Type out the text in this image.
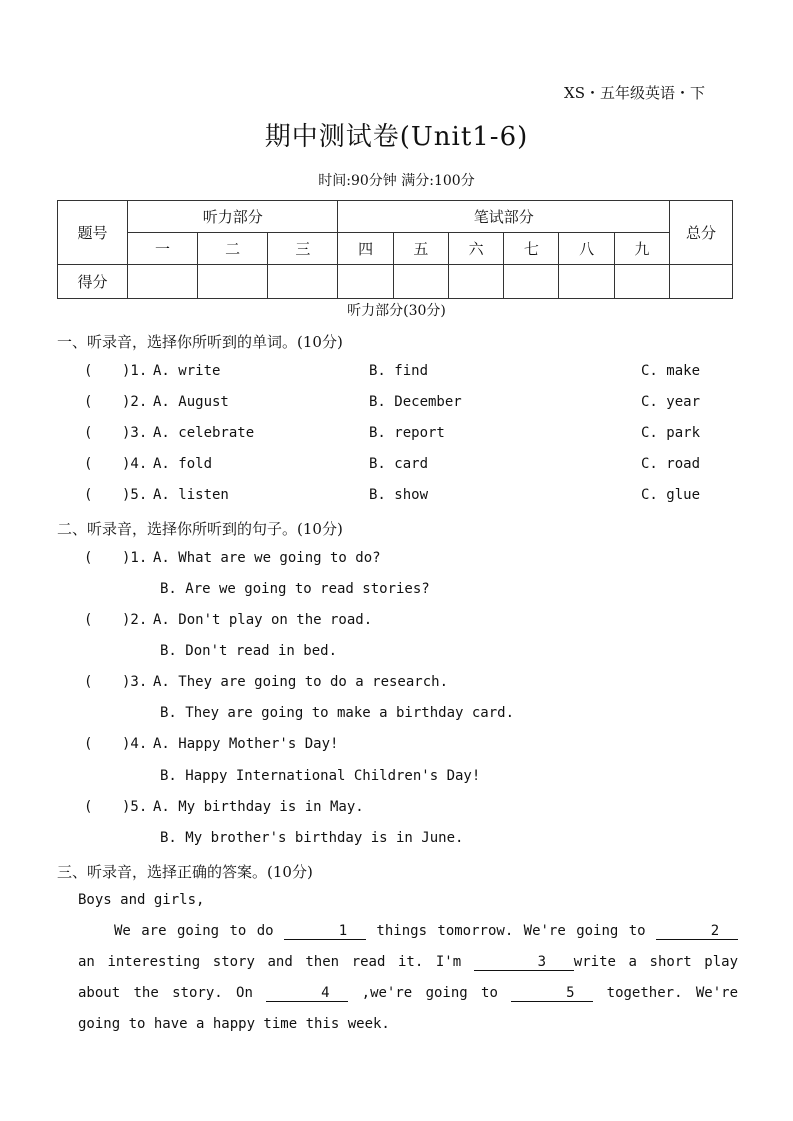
XS・五年级英语・下
期中测试卷(Unit1-6)
时间:90分钟 满分:100分
题号	听力部分			笔试部分						总分
	一	二	三	四	五	六	七	八	九	
得分										
听力部分(30分)
一、听录音，选择你所听到的单词。(10分)
( )1. A. write	B. find	C. make
( )2. A. August	B. December	C. year
( )3. A. celebrate	B. report	C. park
( )4. A. fold	B. card	C. road
( )5. A. listen	B. show	C. glue
二、听录音，选择你所听到的句子。(10分)
( )1. A. What are we going to do?
B. Are we going to read stories?
( )2. A. Don't play on the road.
B. Don't read in bed.
( )3. A. They are going to do a research.
B. They are going to make a birthday card.
( )4. A. Happy Mother's Day!
B. Happy International Children's Day!
( )5. A. My birthday is in May.
B. My brother's birthday is in June.
三、听录音，选择正确的答案。(10分)
Boys and girls,
We are going to do	1 things tomorrow. We're going to	2 an interesting story and then read it. I'm	3 write a short play about the story. On	4 ,we're going to	5 together. We're going to have a happy time this week.
